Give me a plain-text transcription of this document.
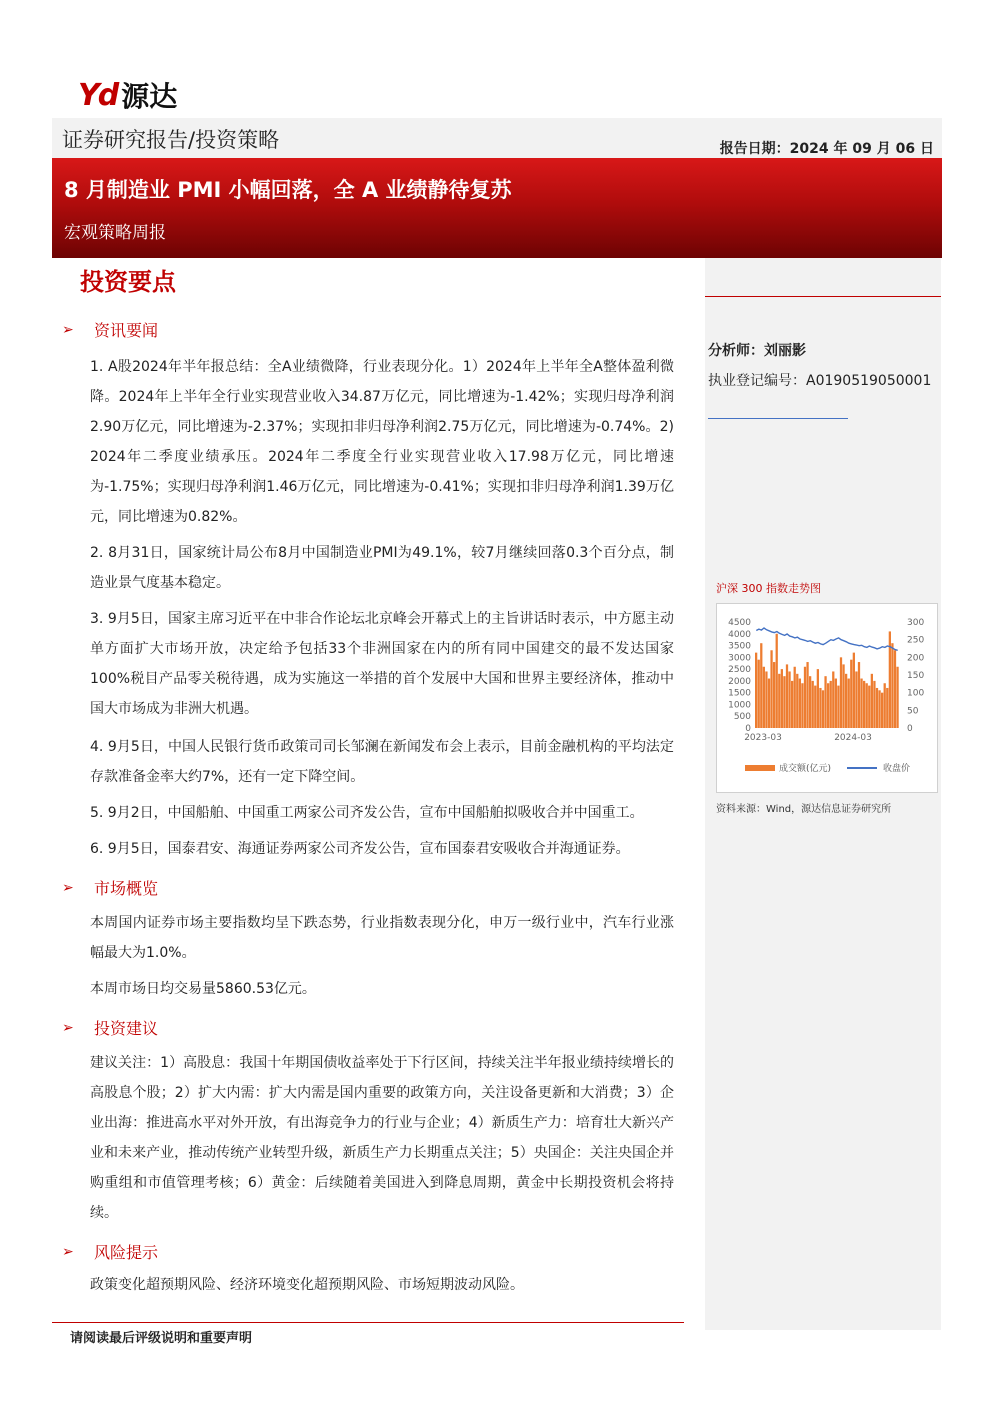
Yd 源达
证券研究报告/投资策略	报告日期：2024 年 09 月 06 日
8 月制造业 PMI 小幅回落，全 A 业绩静待复苏
宏观策略周报
分析师：刘丽影
执业登记编号：A0190519050001
沪深 300 指数走势图
4500
4000
3500
3000
2500
2000
1500
1000
500
0
300
250
200
150
100
50
0
2023-03	2024-03
成交额(亿元)	收盘价
资料来源：Wind，源达信息证券研究所
投资要点
➢	资讯要闻
1. A股2024年半年报总结：全A业绩微降，行业表现分化。1）2024年上半年全A整体盈利微降。2024年上半年全行业实现营业收入34.87万亿元，同比增速为-1.42%；实现归母净利润2.90万亿元，同比增速为-2.37%；实现扣非归母净利润2.75万亿元，同比增速为-0.74%。2) 2024年二季度业绩承压。2024年二季度全行业实现营业收入17.98万亿元，同比增速为-1.75%；实现归母净利润1.46万亿元，同比增速为-0.41%；实现扣非归母净利润1.39万亿元，同比增速为0.82%。
2. 8月31日，国家统计局公布8月中国制造业PMI为49.1%，较7月继续回落0.3个百分点，制造业景气度基本稳定。
3. 9月5日，国家主席习近平在中非合作论坛北京峰会开幕式上的主旨讲话时表示，中方愿主动单方面扩大市场开放，决定给予包括33个非洲国家在内的所有同中国建交的最不发达国家100%税目产品零关税待遇，成为实施这一举措的首个发展中大国和世界主要经济体，推动中国大市场成为非洲大机遇。
4. 9月5日，中国人民银行货币政策司司长邹澜在新闻发布会上表示，目前金融机构的平均法定存款准备金率大约7%，还有一定下降空间。
5. 9月2日，中国船舶、中国重工两家公司齐发公告，宣布中国船舶拟吸收合并中国重工。
6. 9月5日，国泰君安、海通证券两家公司齐发公告，宣布国泰君安吸收合并海通证券。
➢	市场概览
本周国内证券市场主要指数均呈下跌态势，行业指数表现分化，申万一级行业中，汽车行业涨幅最大为1.0%。
本周市场日均交易量5860.53亿元。
➢	投资建议
建议关注：1）高股息：我国十年期国债收益率处于下行区间，持续关注半年报业绩持续增长的高股息个股；2）扩大内需：扩大内需是国内重要的政策方向，关注设备更新和大消费；3）企业出海：推进高水平对外开放，有出海竞争力的行业与企业；4）新质生产力：培育壮大新兴产业和未来产业，推动传统产业转型升级，新质生产力长期重点关注；5）央国企：关注央国企并购重组和市值管理考核；6）黄金：后续随着美国进入到降息周期，黄金中长期投资机会将持续。
➢	风险提示
政策变化超预期风险、经济环境变化超预期风险、市场短期波动风险。
请阅读最后评级说明和重要声明
